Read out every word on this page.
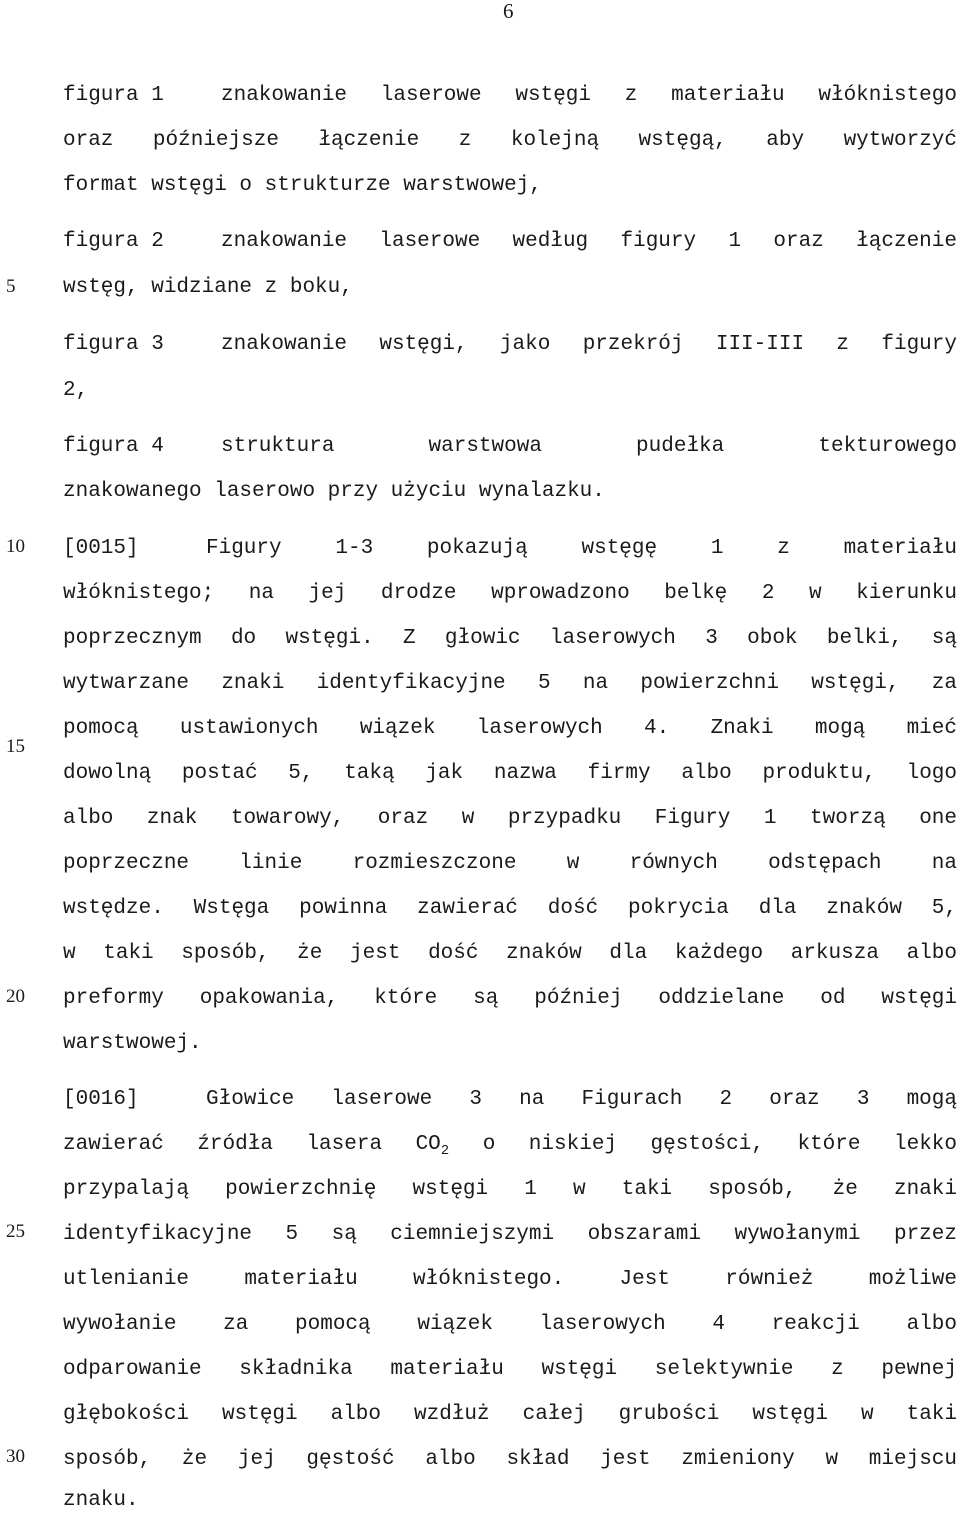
6
5
10
15
20
25
30
figura 1	znakowanie laserowe wstęgi z materiału włóknistego
oraz późniejsze łączenie z kolejną wstęgą, aby wytworzyć
format wstęgi o strukturze warstwowej,
figura 2	znakowanie laserowe według figury 1 oraz łączenie
wstęg, widziane z boku,
figura 3	znakowanie wstęgi, jako przekrój III-III z figury
2,
figura 4	struktura warstwowa pudełka tekturowego
znakowanego laserowo przy użyciu wynalazku.
[0015]	Figury 1-3 pokazują wstęgę 1 z materiału
włóknistego; na jej drodze wprowadzono belkę 2 w kierunku
poprzecznym do wstęgi. Z głowic laserowych 3 obok belki, są
wytwarzane znaki identyfikacyjne 5 na powierzchni wstęgi, za
pomocą ustawionych wiązek laserowych 4. Znaki mogą mieć
dowolną postać 5, taką jak nazwa firmy albo produktu, logo
albo znak towarowy, oraz w przypadku Figury 1 tworzą one
poprzeczne linie rozmieszczone w równych odstępach na
wstędze. Wstęga powinna zawierać dość pokrycia dla znaków 5,
w taki sposób, że jest dość znaków dla każdego arkusza albo
preformy opakowania, które są później oddzielane od wstęgi
warstwowej.
[0016]	Głowice laserowe 3 na Figurach 2 oraz 3 mogą
zawierać źródła lasera $CO_2$ o niskiej gęstości, które lekko
przypalają powierzchnię wstęgi 1 w taki sposób, że znaki
identyfikacyjne 5 są ciemniejszymi obszarami wywołanymi przez
utlenianie materiału włóknistego. Jest również możliwe
wywołanie za pomocą wiązek laserowych 4 reakcji albo
odparowanie składnika materiału wstęgi selektywnie z pewnej
głębokości wstęgi albo wzdłuż całej grubości wstęgi w taki
sposób, że jej gęstość albo skład jest zmieniony w miejscu
znaku.
